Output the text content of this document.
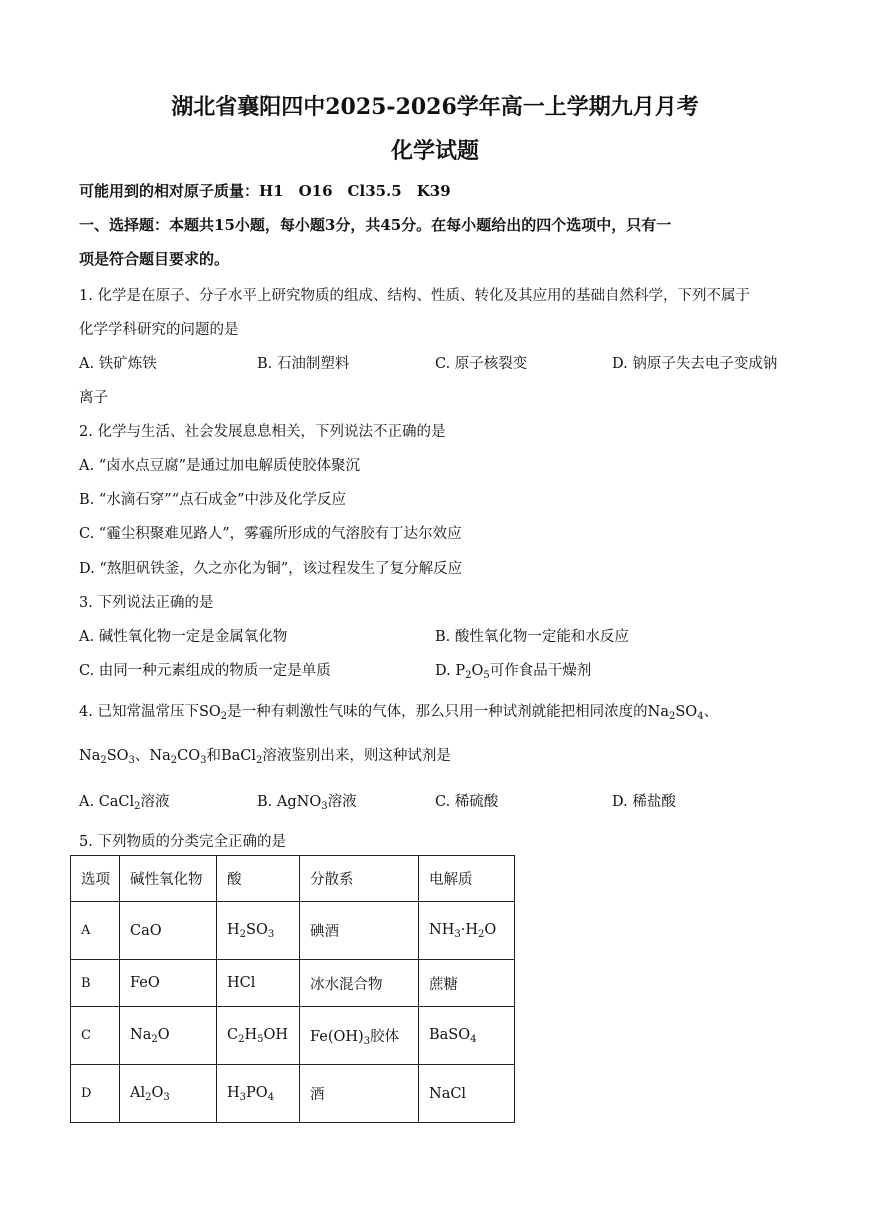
湖北省襄阳四中2025-2026学年高一上学期九月月考
化学试题
可能用到的相对原子质量：H1　O16　Cl35.5　K39
一、选择题：本题共15小题，每小题3分，共45分。在每小题给出的四个选项中，只有一
项是符合题目要求的。
1. 化学是在原子、分子水平上研究物质的组成、结构、性质、转化及其应用的基础自然科学，下列不属于
化学学科研究的问题的是
A. 铁矿炼铁	B. 石油制塑料	C. 原子核裂变	D. 钠原子失去电子变成钠
离子
2. 化学与生活、社会发展息息相关，下列说法不正确的是
A. “卤水点豆腐”是通过加电解质使胶体聚沉
B. “水滴石穿”“点石成金”中涉及化学反应
C. “霾尘积聚难见路人”，雾霾所形成的气溶胶有丁达尔效应
D. “熬胆矾铁釜，久之亦化为铜”，该过程发生了复分解反应
3. 下列说法正确的是
A. 碱性氧化物一定是金属氧化物	B. 酸性氧化物一定能和水反应
C. 由同一种元素组成的物质一定是单质	D. $P_2O_5$可作食品干燥剂
4. 已知常温常压下$SO_2$是一种有刺激性气味的气体，那么只用一种试剂就能把相同浓度的$Na_2SO_4$、
$Na_2SO_3$、$Na_2CO_3$和BaCl$_2$溶液鉴别出来，则这种试剂是
A. CaCl$_2$溶液	B. AgNO$_3$溶液	C. 稀硫酸	D. 稀盐酸
5. 下列物质的分类完全正确的是
选项	碱性氧化物	酸	分散系	电解质
A	CaO	$H_2SO_3$	碘酒	$NH_3\cdot H_2O$
B	FeO	HCl	冰水混合物	蔗糖
C	$Na_2O$	$C_2H_5OH$	$Fe(OH)_3$胶体	BaSO$_4$
D	$Al_2O_3$	$H_3PO_4$	酒	NaCl
